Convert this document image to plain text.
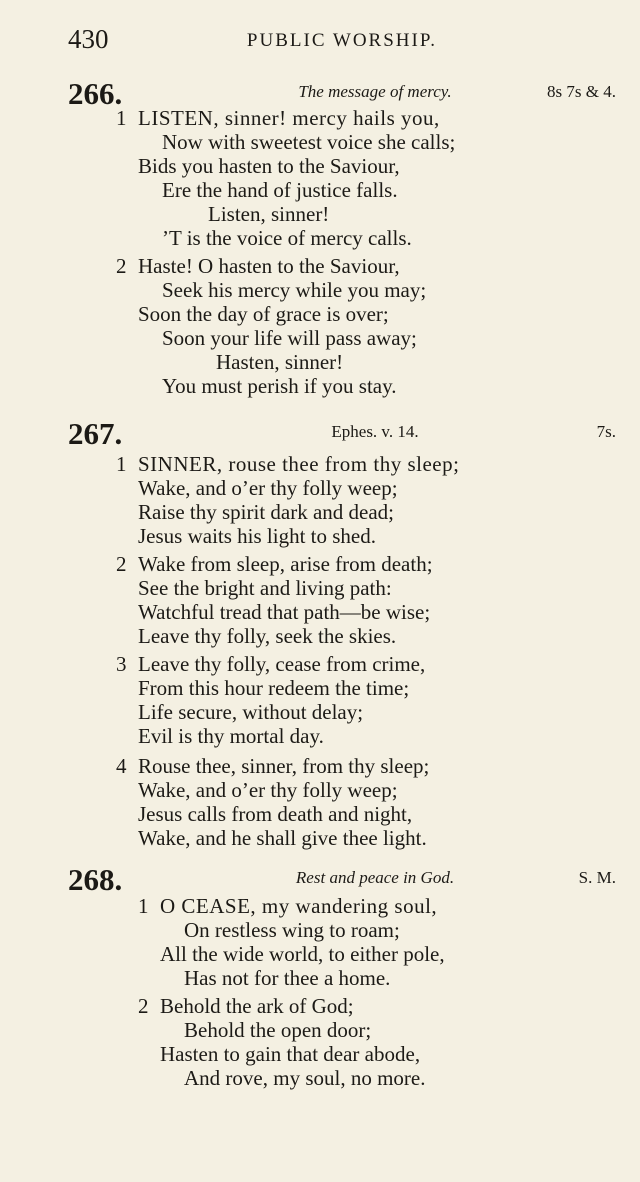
430	PUBLIC WORSHIP.
266.	The message of mercy.	8s 7s & 4.
1 LISTEN, sinner! mercy hails you,
Now with sweetest voice she calls;
Bids you hasten to the Saviour,
Ere the hand of justice falls.
Listen, sinner!
’T is the voice of mercy calls.
2 Haste! O hasten to the Saviour,
Seek his mercy while you may;
Soon the day of grace is over;
Soon your life will pass away;
Hasten, sinner!
You must perish if you stay.
267.	Ephes. v. 14.	7s.
1 SINNER, rouse thee from thy sleep;
Wake, and o’er thy folly weep;
Raise thy spirit dark and dead;
Jesus waits his light to shed.
2 Wake from sleep, arise from death;
See the bright and living path:
Watchful tread that path—be wise;
Leave thy folly, seek the skies.
3 Leave thy folly, cease from crime,
From this hour redeem the time;
Life secure, without delay;
Evil is thy mortal day.
4 Rouse thee, sinner, from thy sleep;
Wake, and o’er thy folly weep;
Jesus calls from death and night,
Wake, and he shall give thee light.
268.	Rest and peace in God.	S. M.
1 O CEASE, my wandering soul,
On restless wing to roam;
All the wide world, to either pole,
Has not for thee a home.
2 Behold the ark of God;
Behold the open door;
Hasten to gain that dear abode,
And rove, my soul, no more.
